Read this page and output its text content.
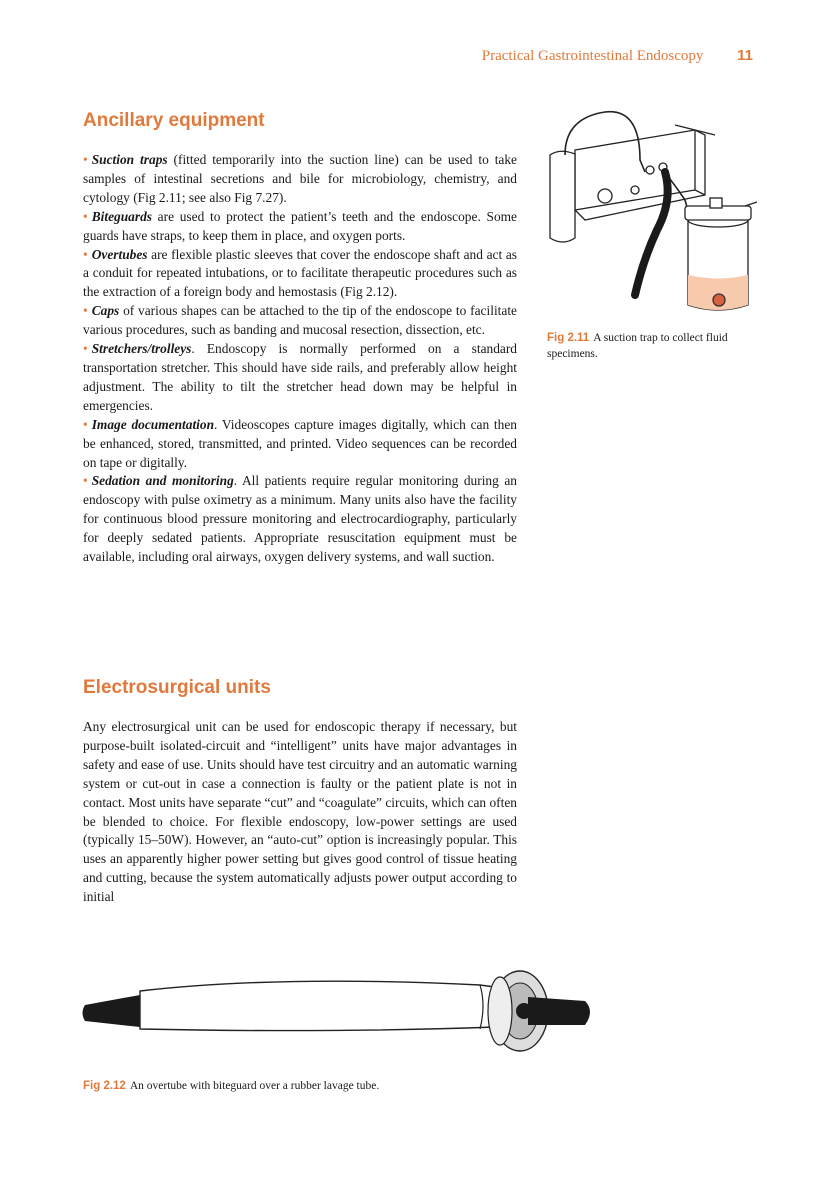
Practical Gastrointestinal Endoscopy 11
Ancillary equipment

• Suction traps (fitted temporarily into the suction line) can be used to take samples of intestinal secretions and bile for microbiology, chemistry, and cytology (Fig 2.11; see also Fig 7.27).

• Biteguards are used to protect the patient’s teeth and the endoscope. Some guards have straps, to keep them in place, and oxygen ports.

• Overtubes are flexible plastic sleeves that cover the endoscope shaft and act as a conduit for repeated intubations, or to facilitate therapeutic procedures such as the extraction of a foreign body and hemostasis (Fig 2.12).

• Caps of various shapes can be attached to the tip of the endoscope to facilitate various procedures, such as banding and mucosal resection, dissection, etc.

• Stretchers/trolleys. Endoscopy is normally performed on a standard transportation stretcher. This should have side rails, and preferably allow height adjustment. The ability to tilt the stretcher head down may be helpful in emergencies.

• Image documentation. Videoscopes capture images digitally, which can then be enhanced, stored, transmitted, and printed. Video sequences can be recorded on tape or digitally.

• Sedation and monitoring. All patients require regular monitoring during an endoscopy with pulse oximetry as a minimum. Many units also have the facility for continuous blood pressure monitoring and electrocardiography, particularly for deeply sedated patients. Appropriate resuscitation equipment must be available, including oral airways, oxygen delivery systems, and wall suction.

Electrosurgical units

Any electrosurgical unit can be used for endoscopic therapy if necessary, but purpose-built isolated-circuit and “intelligent” units have major advantages in safety and ease of use. Units should have test circuitry and an automatic warning system or cut-out in case a connection is faulty or the patient plate is not in contact. Most units have separate “cut” and “coagulate” circuits, which can often be blended to choice. For flexible endoscopy, low-power settings are used (typically 15–50W). However, an “auto-cut” option is increasingly popular. This uses an apparently higher power setting but gives good control of tissue heating and cutting, because the system automatically adjusts power output according to initial

Fig 2.11 A suction trap to collect fluid specimens.
Fig 2.12 An overtube with biteguard over a rubber lavage tube.
